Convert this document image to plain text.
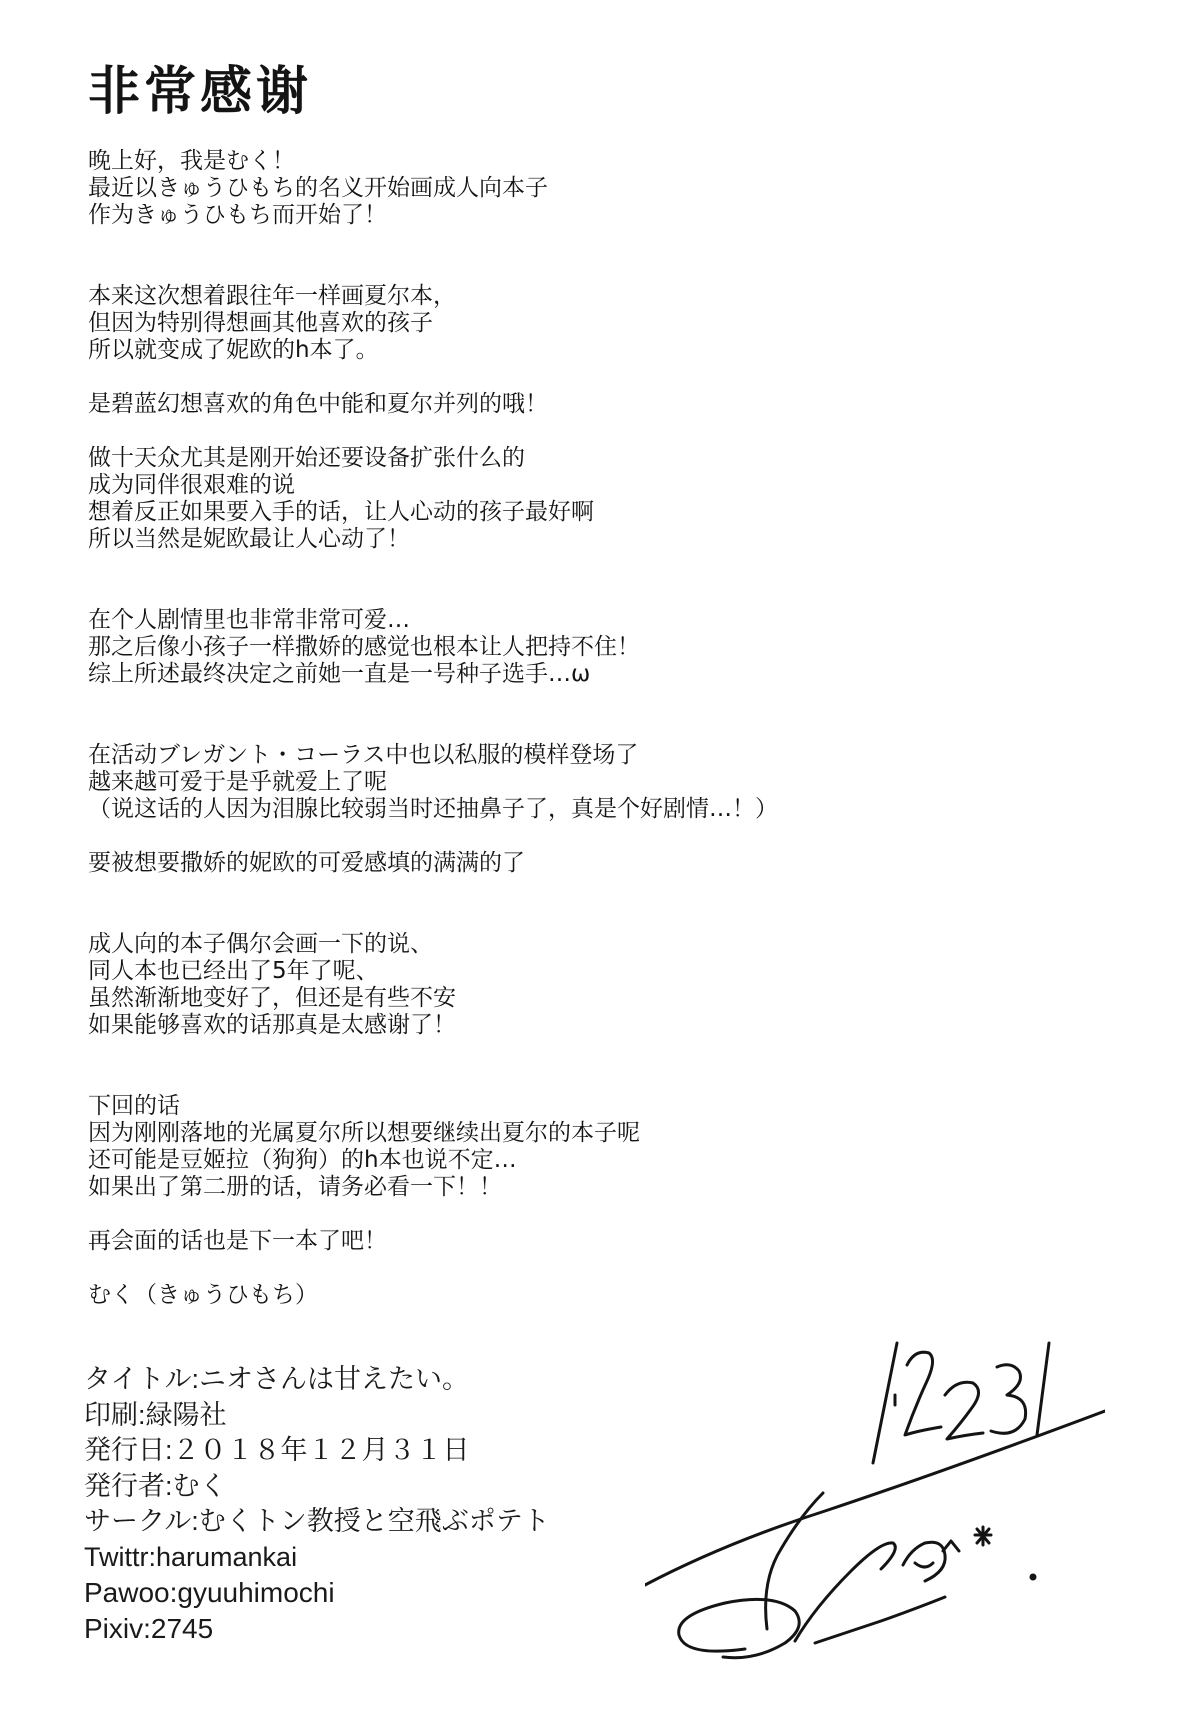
非常感谢
晚上好，我是むく！
最近以きゅうひもち的名义开始画成人向本子
作为きゅうひもち而开始了！
本来这次想着跟往年一样画夏尔本，
但因为特别得想画其他喜欢的孩子
所以就变成了妮欧的h本了。
是碧蓝幻想喜欢的角色中能和夏尔并列的哦！
做十天众尤其是刚开始还要设备扩张什么的
成为同伴很艰难的说
想着反正如果要入手的话，让人心动的孩子最好啊
所以当然是妮欧最让人心动了！
在个人剧情里也非常非常可爱…
那之后像小孩子一样撒娇的感觉也根本让人把持不住！
综上所述最终决定之前她一直是一号种子选手…ω
在活动ブレガント・コーラス中也以私服的模样登场了
越来越可爱于是乎就爱上了呢
（说这话的人因为泪腺比较弱当时还抽鼻子了，真是个好剧情…！）
要被想要撒娇的妮欧的可爱感填的满满的了
成人向的本子偶尔会画一下的说、
同人本也已经出了5年了呢、
虽然渐渐地变好了，但还是有些不安
如果能够喜欢的话那真是太感谢了！
下回的话
因为刚刚落地的光属夏尔所以想要继续出夏尔的本子呢
还可能是豆姬拉（狗狗）的h本也说不定…
如果出了第二册的话，请务必看一下！！
再会面的话也是下一本了吧！
むく（きゅうひもち）
タイトル:ニオさんは甘えたい。
印刷:緑陽社
発行日:２０１８年１２月３１日
発行者:むく
サークル:むくトン教授と空飛ぶポテト
Twittr:harumankai
Pawoo:gyuuhimochi
Pixiv:2745
